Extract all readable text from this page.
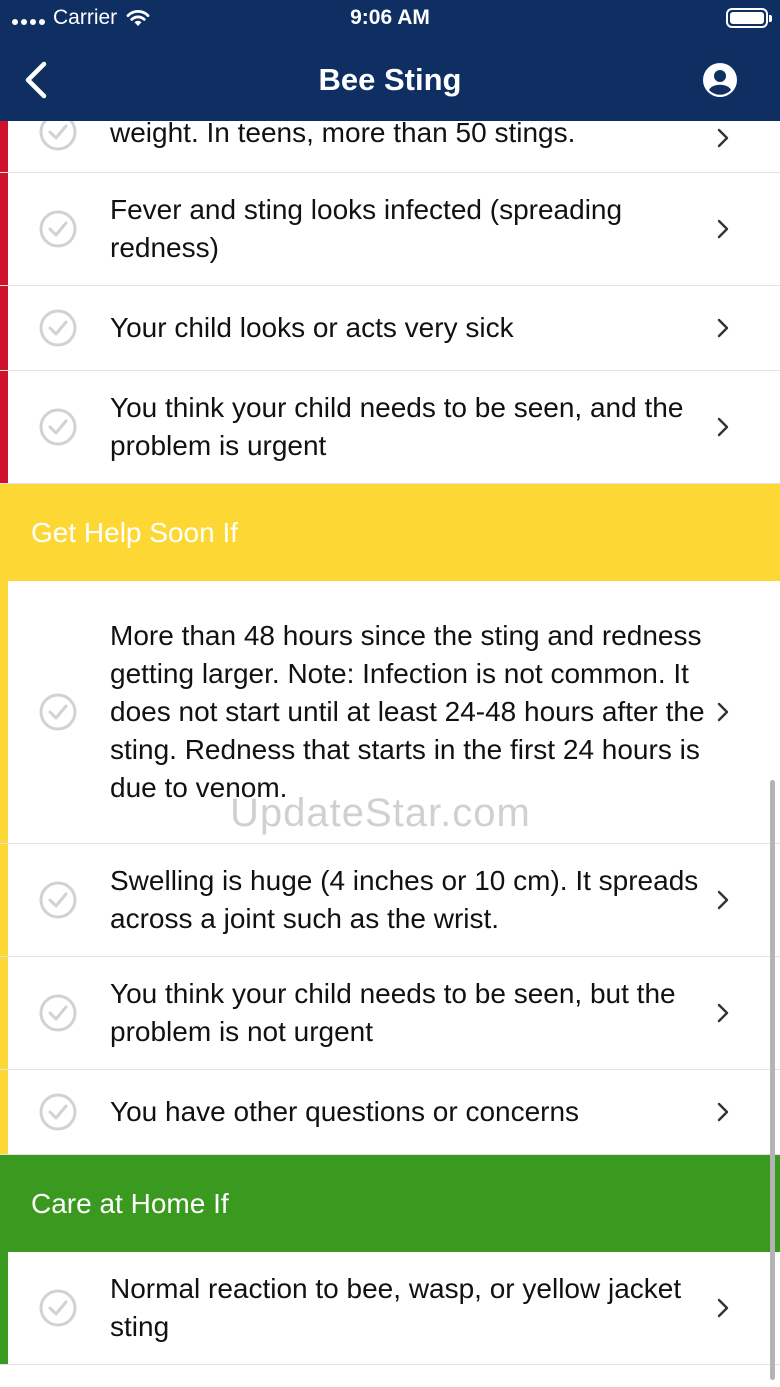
Carrier	9:06 AM
Bee Sting
weight. In teens, more than 50 stings.
Fever and sting looks infected (spreading redness)
Your child looks or acts very sick
You think your child needs to be seen, and the problem is urgent
Get Help Soon If
More than 48 hours since the sting and redness getting larger. Note: Infection is not common. It does not start until at least 24-48 hours after the sting. Redness that starts in the first 24 hours is due to venom.
Swelling is huge (4 inches or 10 cm). It spreads across a joint such as the wrist.
You think your child needs to be seen, but the problem is not urgent
You have other questions or concerns
Care at Home If
Normal reaction to bee, wasp, or yellow jacket sting
UpdateStar.com
